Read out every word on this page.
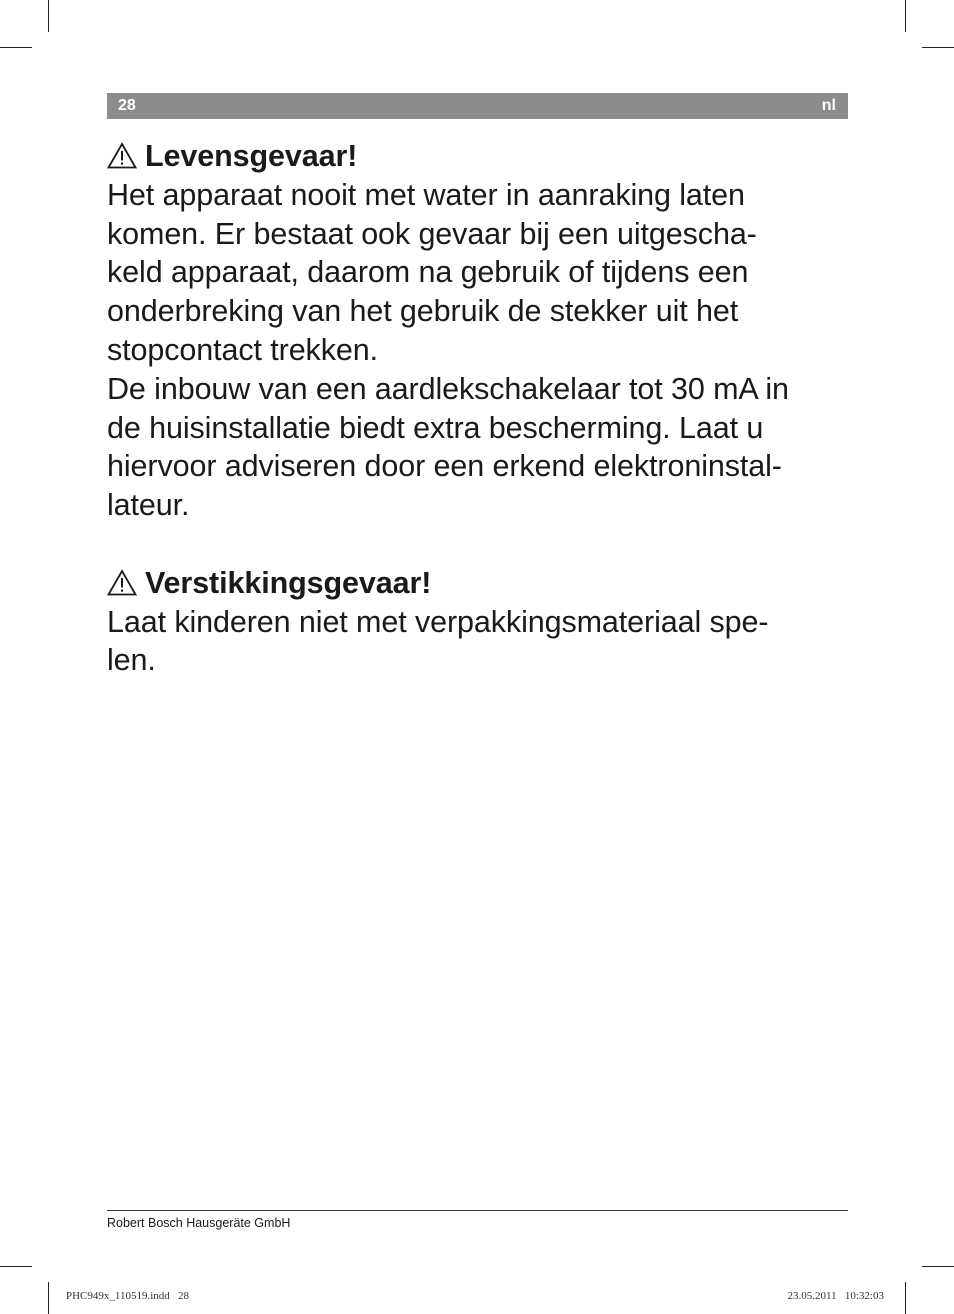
28	nl
Levensgevaar!
Het apparaat nooit met water in aanraking laten
komen. Er bestaat ook gevaar bij een uitgescha-
keld apparaat, daarom na gebruik of tijdens een
onderbreking van het gebruik de stekker uit het
stopcontact trekken.
De inbouw van een aardlekschakelaar tot 30 mA in
de huisinstallatie biedt extra bescherming. Laat u
hiervoor adviseren door een erkend elektroninstal-
lateur.
Verstikkingsgevaar!
Laat kinderen niet met verpakkingsmateriaal spe-
len.
Robert Bosch Hausgeräte GmbH
PHC949x_110519.indd   28	23.05.2011   10:32:03
